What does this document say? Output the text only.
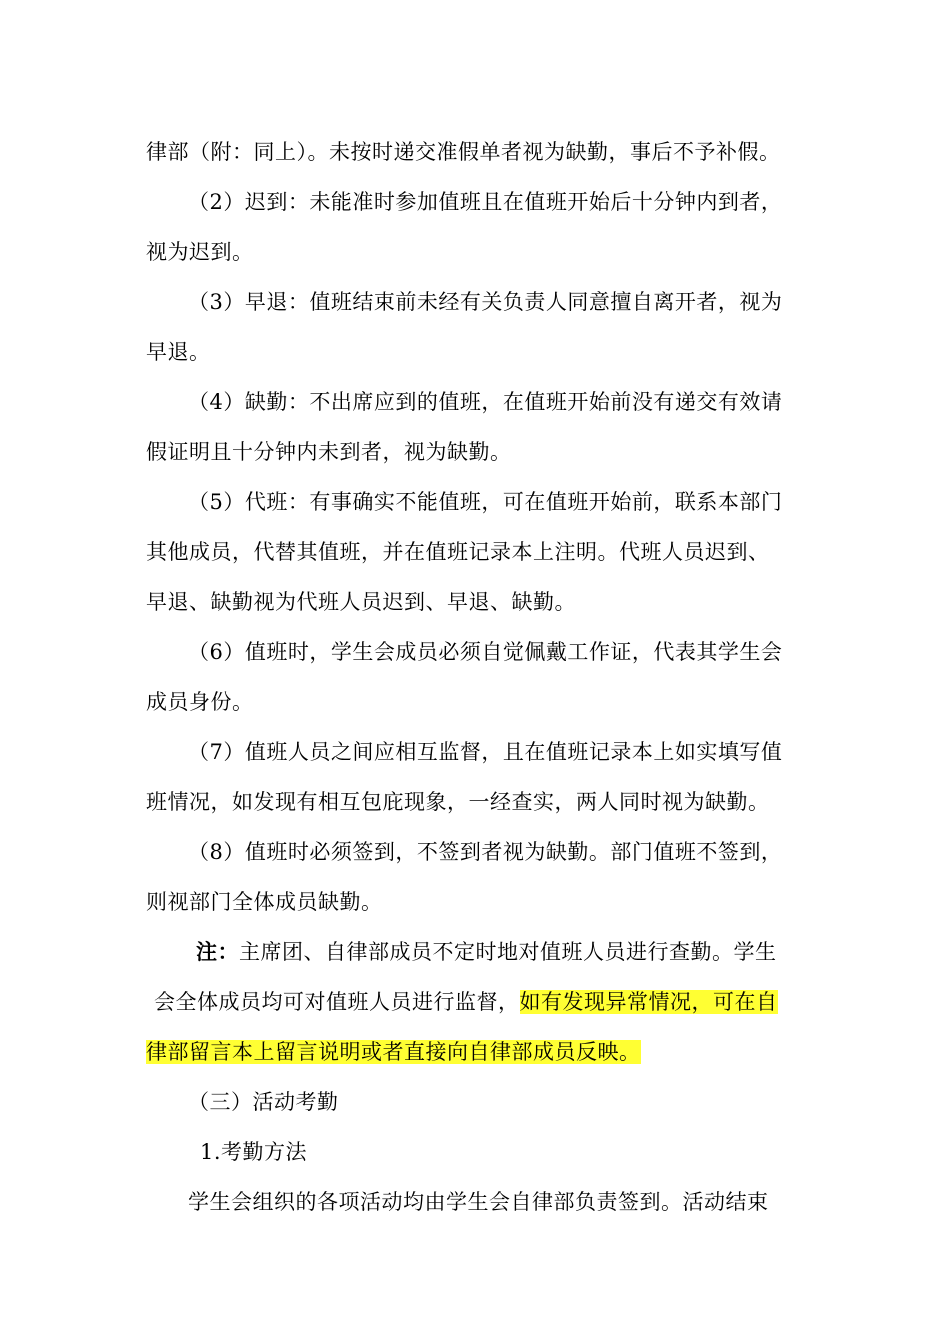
律部（附：同上）。未按时递交准假单者视为缺勤，事后不予补假。
（2）迟到：未能准时参加值班且在值班开始后十分钟内到者，
视为迟到。
（3）早退：值班结束前未经有关负责人同意擅自离开者，视为
早退。
（4）缺勤：不出席应到的值班，在值班开始前没有递交有效请
假证明且十分钟内未到者，视为缺勤。
（5）代班：有事确实不能值班，可在值班开始前，联系本部门
其他成员，代替其值班，并在值班记录本上注明。代班人员迟到、
早退、缺勤视为代班人员迟到、早退、缺勤。
（6）值班时，学生会成员必须自觉佩戴工作证，代表其学生会
成员身份。
（7）值班人员之间应相互监督，且在值班记录本上如实填写值
班情况，如发现有相互包庇现象，一经查实，两人同时视为缺勤。
（8）值班时必须签到，不签到者视为缺勤。部门值班不签到，
则视部门全体成员缺勤。
注：主席团、自律部成员不定时地对值班人员进行查勤。学生
会全体成员均可对值班人员进行监督，如有发现异常情况，可在自
律部留言本上留言说明或者直接向自律部成员反映。
（三）活动考勤
1.考勤方法
学生会组织的各项活动均由学生会自律部负责签到。活动结束
